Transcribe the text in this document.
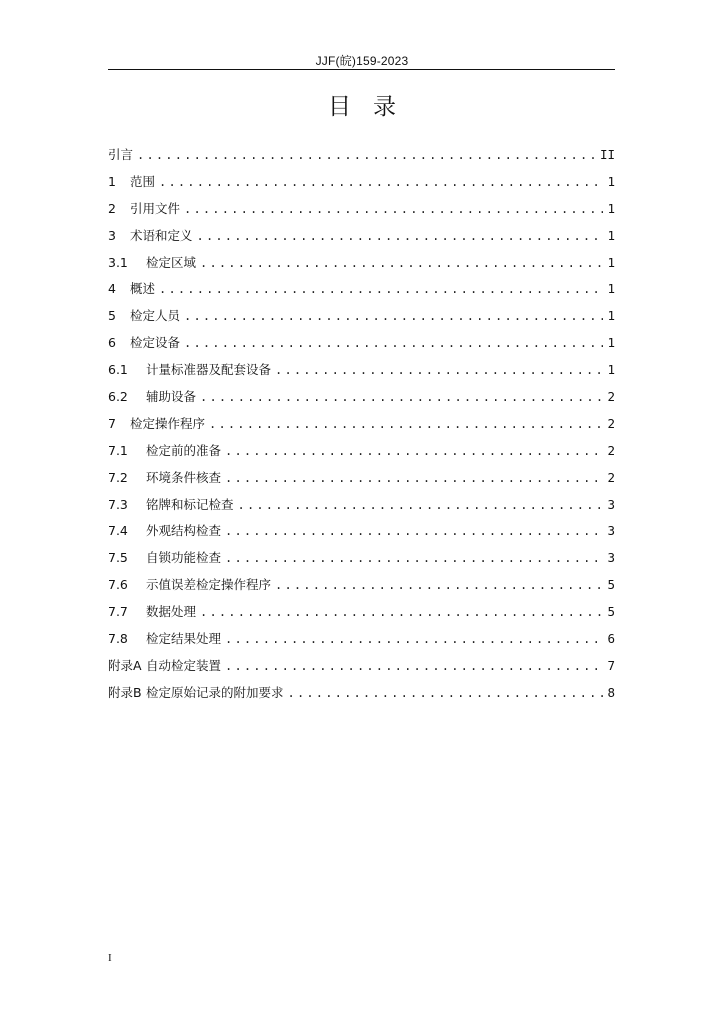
JJF(皖)159-2023
目录
引言 .....	II
1	范围 .....	1
2	引用文件 .....	1
3	术语和定义 .....	1
3.1	检定区域 .....	1
4	概述 .....	1
5	检定人员 .....	1
6	检定设备 .....	1
6.1	计量标准器及配套设备 .....	1
6.2	辅助设备 .....	2
7	检定操作程序 .....	2
7.1	检定前的准备 .....	2
7.2	环境条件核查 .....	2
7.3	铭牌和标记检查 .....	3
7.4	外观结构检查 .....	3
7.5	自锁功能检查 .....	3
7.6	示值误差检定操作程序 .....	5
7.7	数据处理 .....	5
7.8	检定结果处理 .....	6
附录A 自动检定装置 .....	7
附录B 检定原始记录的附加要求 .....	8
I
